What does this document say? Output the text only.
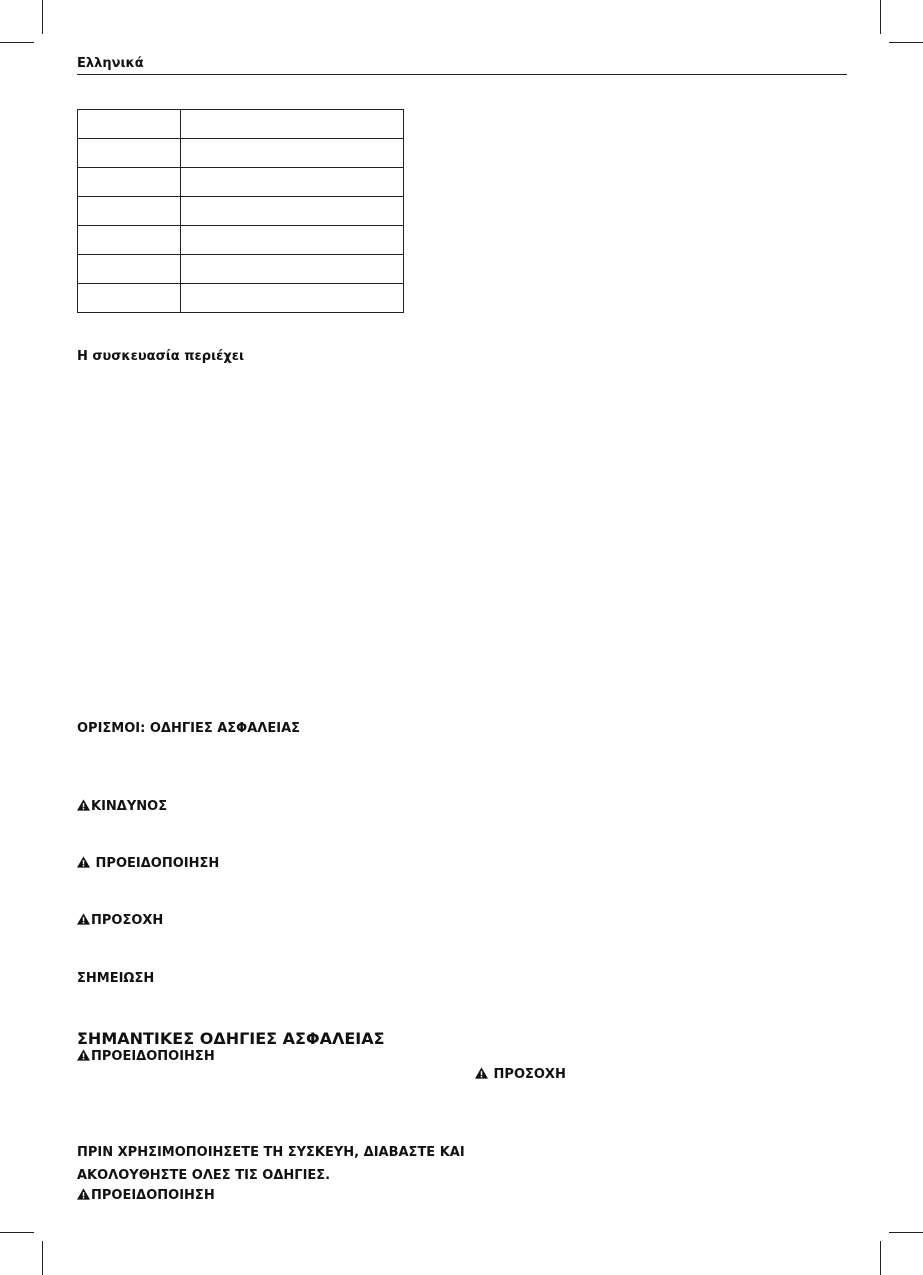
Ελληνικά

Η συσκευασία περιέχει
ΟΡΙΣΜΟΙ: ΟΔΗΓΙΕΣ ΑΣΦΑΛΕΙΑΣ
ΚΙΝΔΥΝΟΣ
ΠΡΟΕΙΔΟΠΟΙΗΣΗ
ΠΡΟΣΟΧΗ
ΣΗΜΕΙΩΣΗ
ΣΗΜΑΝΤΙΚΕΣ ΟΔΗΓΙΕΣ ΑΣΦΑΛΕΙΑΣ
ΠΡΟΕΙΔΟΠΟΙΗΣΗ
ΠΡΟΣΟΧΗ
ΠΡΙΝ ΧΡΗΣΙΜΟΠΟΙΗΣΕΤΕ ΤΗ ΣΥΣΚΕΥΗ, ΔΙΑΒΑΣΤΕ ΚΑΙ
ΑΚΟΛΟΥΘΗΣΤΕ ΟΛΕΣ ΤΙΣ ΟΔΗΓΙΕΣ.
ΠΡΟΕΙΔΟΠΟΙΗΣΗ
